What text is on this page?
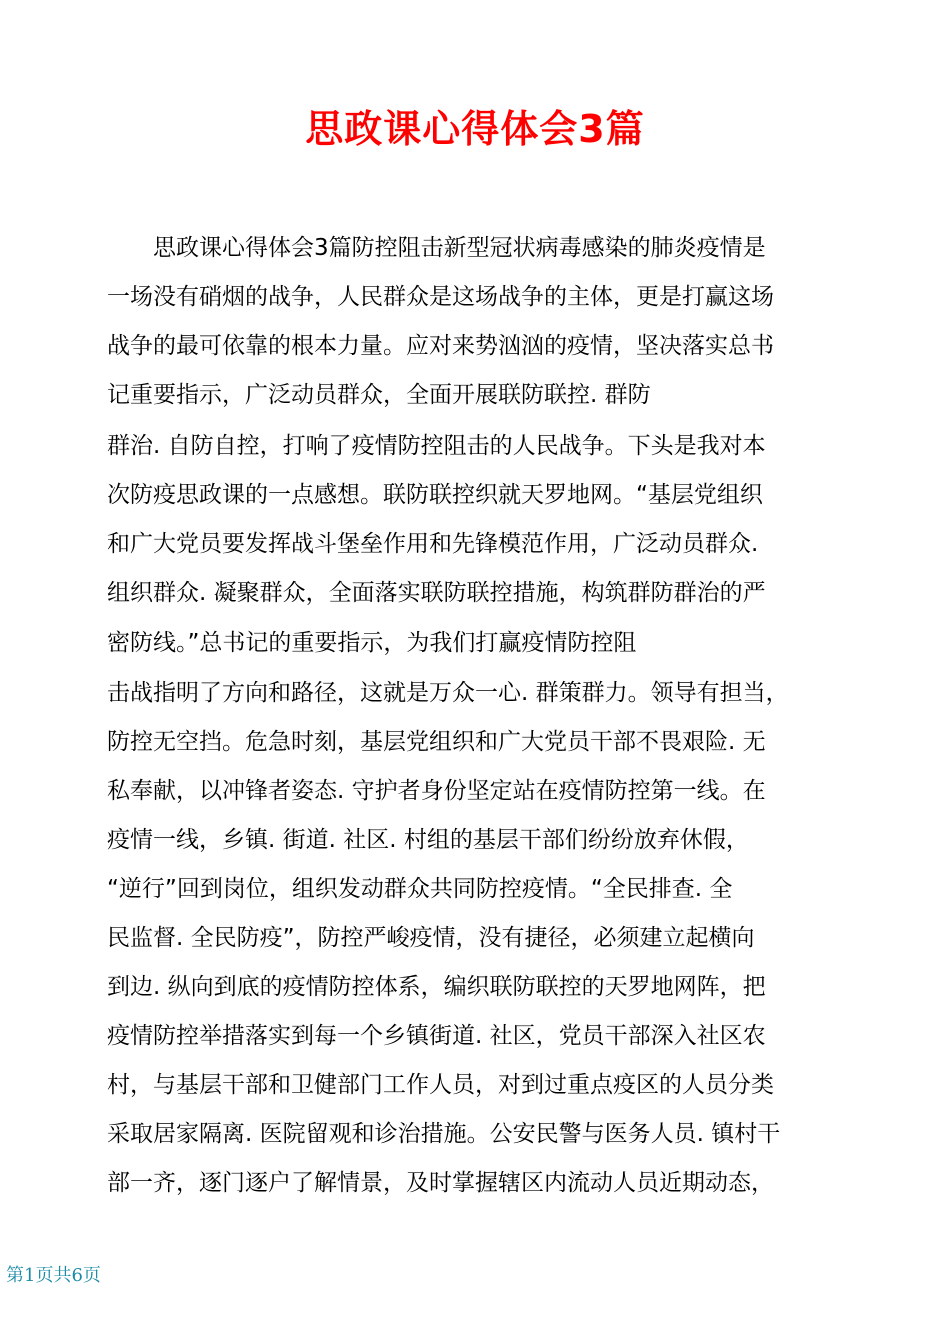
思政课心得体会3篇
　　思政课心得体会3篇防控阻击新型冠状病毒感染的肺炎疫情是
一场没有硝烟的战争，人民群众是这场战争的主体，更是打赢这场
战争的最可依靠的根本力量。应对来势汹汹的疫情，坚决落实总书
记重要指示，广泛动员群众，全面开展联防联控. 群防
群治. 自防自控，打响了疫情防控阻击的人民战争。下头是我对本
次防疫思政课的一点感想。联防联控织就天罗地网。“基层党组织
和广大党员要发挥战斗堡垒作用和先锋模范作用，广泛动员群众.
组织群众. 凝聚群众，全面落实联防联控措施，构筑群防群治的严
密防线。”总书记的重要指示，为我们打赢疫情防控阻
击战指明了方向和路径，这就是万众一心. 群策群力。领导有担当，
防控无空挡。危急时刻，基层党组织和广大党员干部不畏艰险. 无
私奉献，以冲锋者姿态. 守护者身份坚定站在疫情防控第一线。在
疫情一线，乡镇. 街道. 社区. 村组的基层干部们纷纷放弃休假，
“逆行”回到岗位，组织发动群众共同防控疫情。“全民排查. 全
民监督. 全民防疫”，防控严峻疫情，没有捷径，必须建立起横向
到边. 纵向到底的疫情防控体系，编织联防联控的天罗地网阵，把
疫情防控举措落实到每一个乡镇街道. 社区，党员干部深入社区农
村，与基层干部和卫健部门工作人员，对到过重点疫区的人员分类
采取居家隔离. 医院留观和诊治措施。公安民警与医务人员. 镇村干
部一齐，逐门逐户了解情景，及时掌握辖区内流动人员近期动态，
第1页共6页
